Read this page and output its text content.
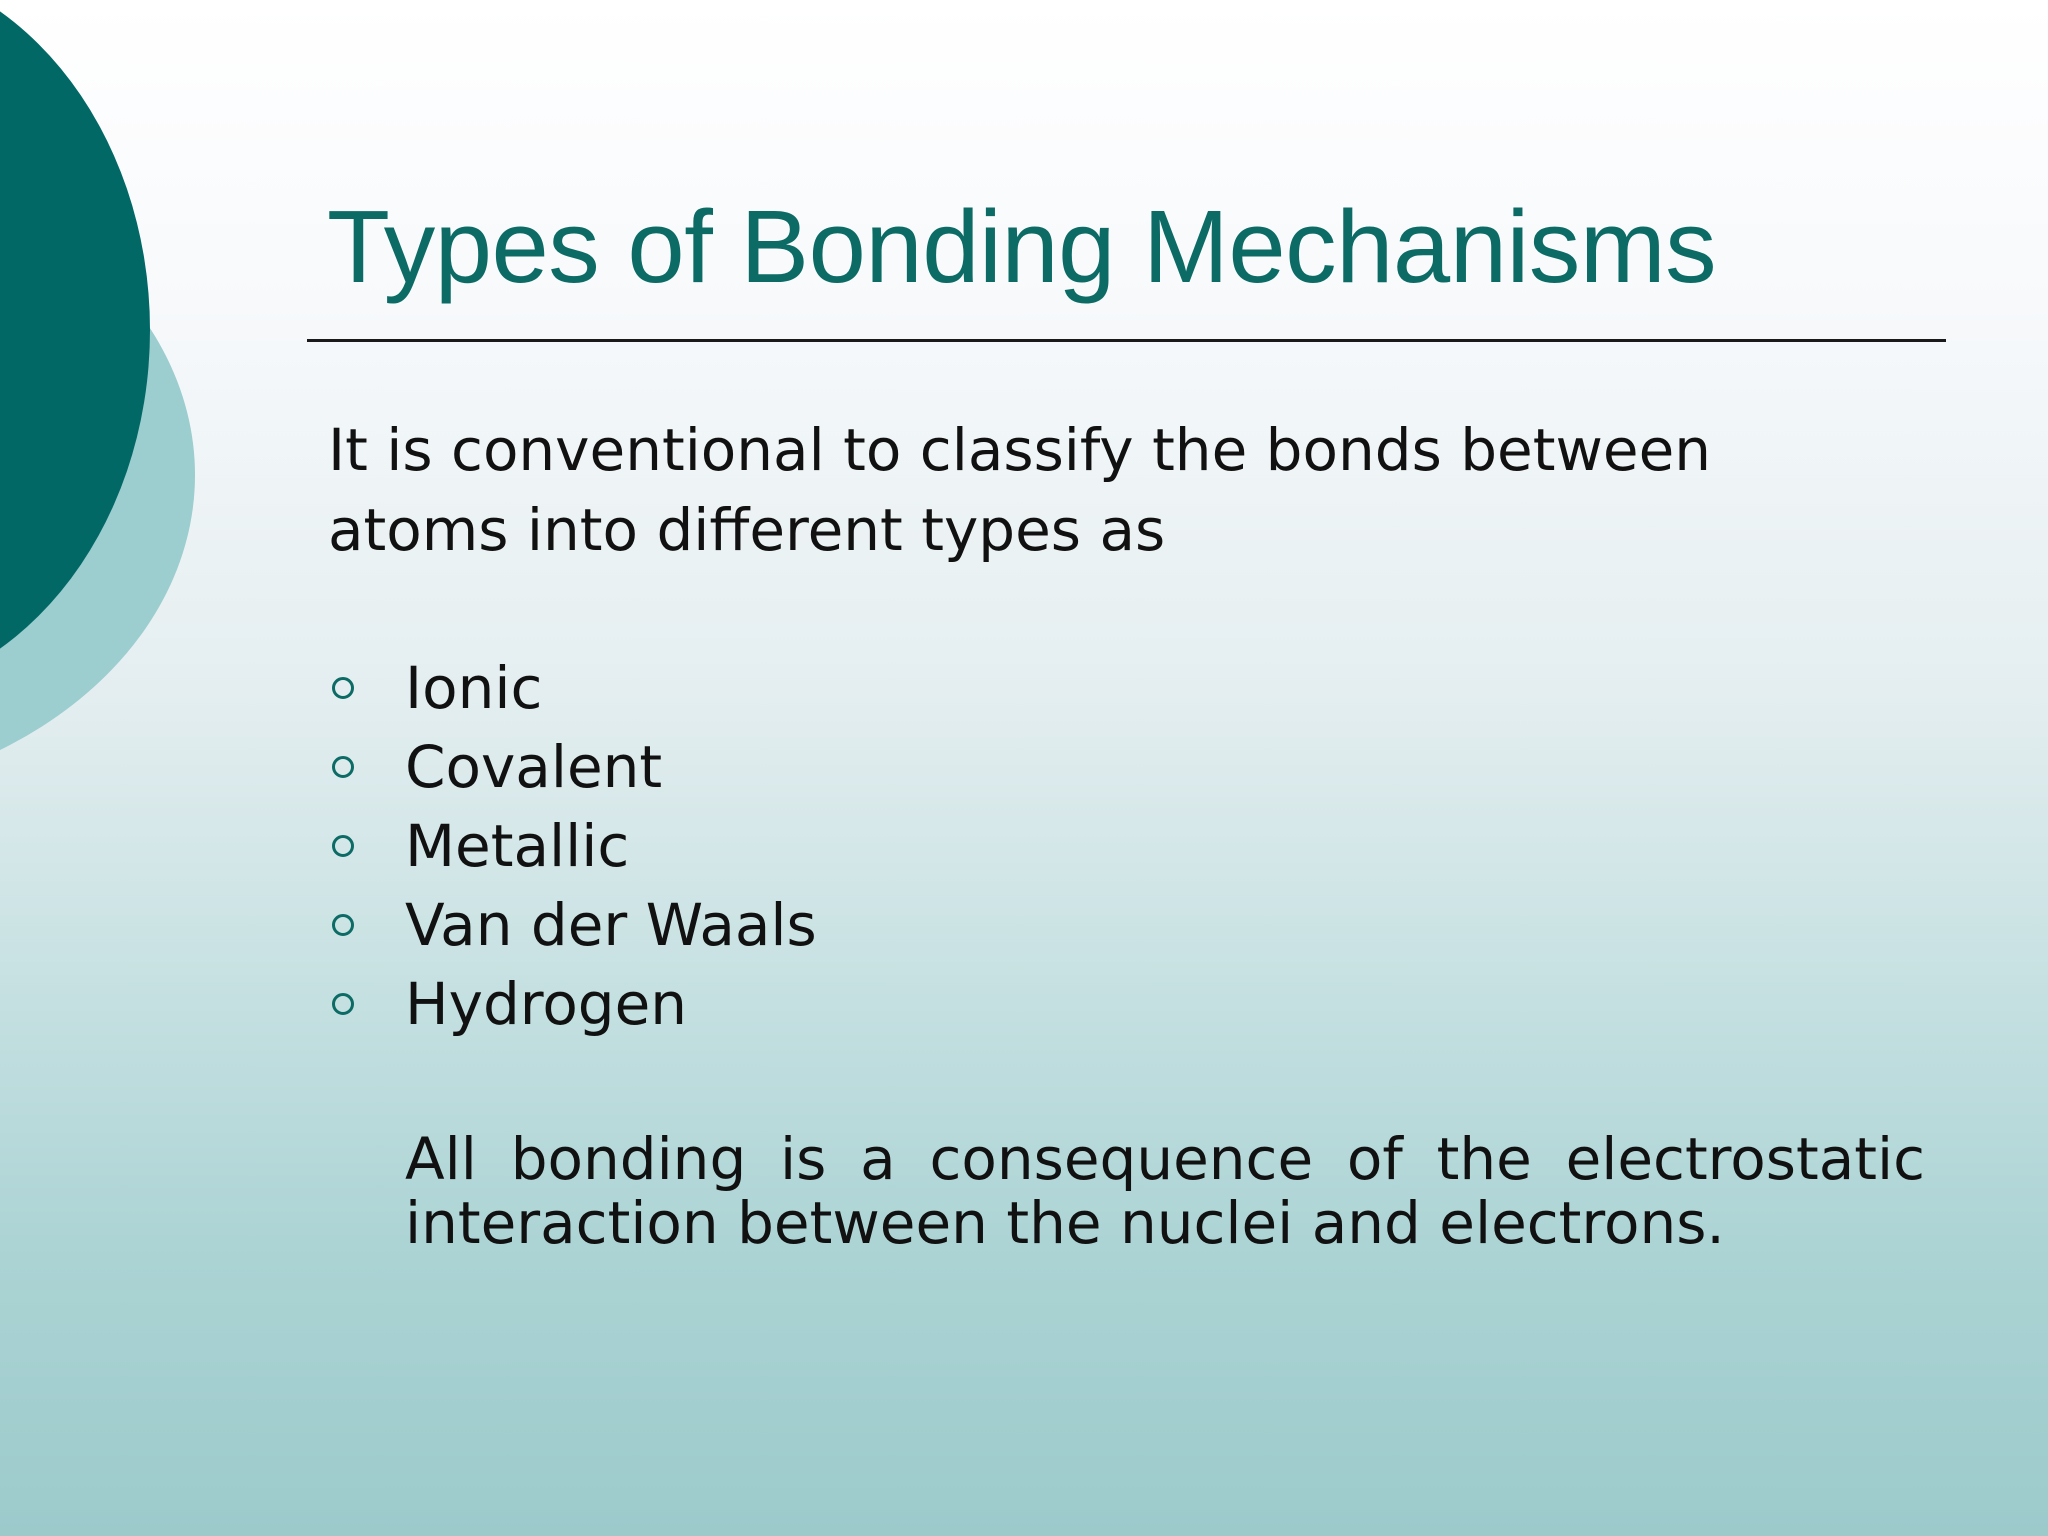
Types of Bonding Mechanisms

It is conventional to classify the bonds between atoms into different types as

Ionic
Covalent
Metallic
Van der Waals
Hydrogen

All bonding is a consequence of the electrostatic interaction between the nuclei and electrons.
